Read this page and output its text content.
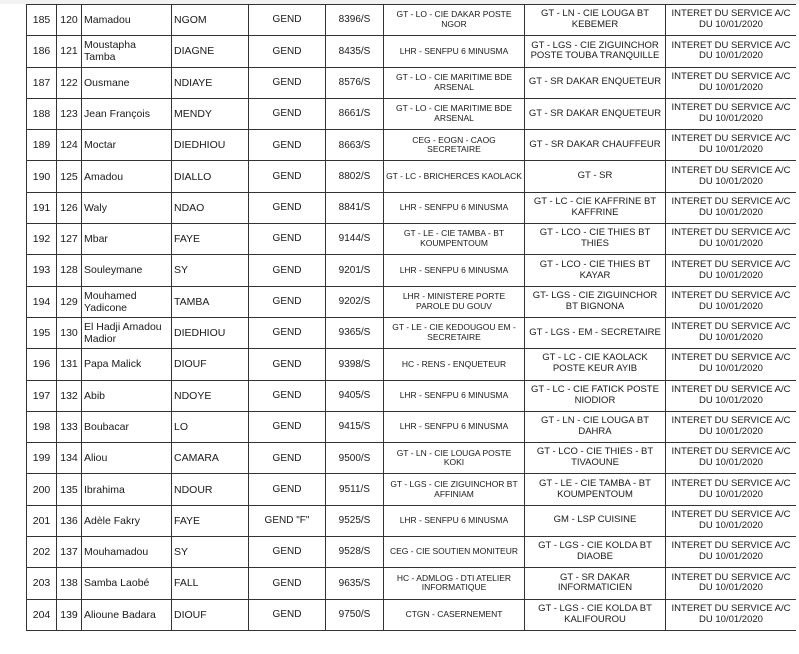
185	120	Mamadou	NGOM	GEND	8396/S	GT - LO - CIE DAKAR POSTE NGOR	GT - LN - CIE LOUGA BT KEBEMER	INTERET DU SERVICE A/C DU 10/01/2020
186	121	Moustapha Tamba	DIAGNE	GEND	8435/S	LHR - SENFPU 6 MINUSMA	GT - LGS - CIE ZIGUINCHOR POSTE TOUBA TRANQUILLE	INTERET DU SERVICE A/C DU 10/01/2020
187	122	Ousmane	NDIAYE	GEND	8576/S	GT - LO - CIE MARITIME BDE ARSENAL	GT - SR DAKAR ENQUETEUR	INTERET DU SERVICE A/C DU 10/01/2020
188	123	Jean François	MENDY	GEND	8661/S	GT - LO - CIE MARITIME BDE ARSENAL	GT - SR DAKAR ENQUETEUR	INTERET DU SERVICE A/C DU 10/01/2020
189	124	Moctar	DIEDHIOU	GEND	8663/S	CEG - EOGN - CAOG SECRETAIRE	GT - SR DAKAR CHAUFFEUR	INTERET DU SERVICE A/C DU 10/01/2020
190	125	Amadou	DIALLO	GEND	8802/S	GT - LC - BRICHERCES KAOLACK	GT - SR	INTERET DU SERVICE A/C DU 10/01/2020
191	126	Waly	NDAO	GEND	8841/S	LHR - SENFPU 6 MINUSMA	GT - LC - CIE KAFFRINE BT KAFFRINE	INTERET DU SERVICE A/C DU 10/01/2020
192	127	Mbar	FAYE	GEND	9144/S	GT - LE - CIE TAMBA - BT KOUMPENTOUM	GT - LCO - CIE THIES BT THIES	INTERET DU SERVICE A/C DU 10/01/2020
193	128	Souleymane	SY	GEND	9201/S	LHR - SENFPU 6 MINUSMA	GT - LCO - CIE THIES BT KAYAR	INTERET DU SERVICE A/C DU 10/01/2020
194	129	Mouhamed Yadicone	TAMBA	GEND	9202/S	LHR - MINISTERE PORTE PAROLE DU GOUV	GT- LGS - CIE ZIGUINCHOR BT BIGNONA	INTERET DU SERVICE A/C DU 10/01/2020
195	130	El Hadji Amadou Madior	DIEDHIOU	GEND	9365/S	GT - LE - CIE KEDOUGOU EM - SECRETAIRE	GT - LGS - EM - SECRETAIRE	INTERET DU SERVICE A/C DU 10/01/2020
196	131	Papa Malick	DIOUF	GEND	9398/S	HC - RENS - ENQUETEUR	GT - LC - CIE KAOLACK POSTE KEUR AYIB	INTERET DU SERVICE A/C DU 10/01/2020
197	132	Abib	NDOYE	GEND	9405/S	LHR - SENFPU 6 MINUSMA	GT - LC - CIE FATICK POSTE NIODIOR	INTERET DU SERVICE A/C DU 10/01/2020
198	133	Boubacar	LO	GEND	9415/S	LHR - SENFPU 6 MINUSMA	GT - LN - CIE LOUGA BT DAHRA	INTERET DU SERVICE A/C DU 10/01/2020
199	134	Aliou	CAMARA	GEND	9500/S	GT - LN - CIE LOUGA POSTE KOKI	GT - LCO - CIE THIES - BT TIVAOUNE	INTERET DU SERVICE A/C DU 10/01/2020
200	135	Ibrahima	NDOUR	GEND	9511/S	GT - LGS - CIE ZIGUINCHOR BT AFFINIAM	GT - LE - CIE TAMBA - BT KOUMPENTOUM	INTERET DU SERVICE A/C DU 10/01/2020
201	136	Adèle Fakry	FAYE	GEND "F"	9525/S	LHR - SENFPU 6 MINUSMA	GM - LSP CUISINE	INTERET DU SERVICE A/C DU 10/01/2020
202	137	Mouhamadou	SY	GEND	9528/S	CEG - CIE SOUTIEN MONITEUR	GT - LGS - CIE KOLDA BT DIAOBE	INTERET DU SERVICE A/C DU 10/01/2020
203	138	Samba Laobé	FALL	GEND	9635/S	HC - ADMLOG - DTI ATELIER INFORMATIQUE	GT - SR DAKAR INFORMATICIEN	INTERET DU SERVICE A/C DU 10/01/2020
204	139	Alioune Badara	DIOUF	GEND	9750/S	CTGN - CASERNEMENT	GT - LGS - CIE KOLDA BT KALIFOUROU	INTERET DU SERVICE A/C DU 10/01/2020
